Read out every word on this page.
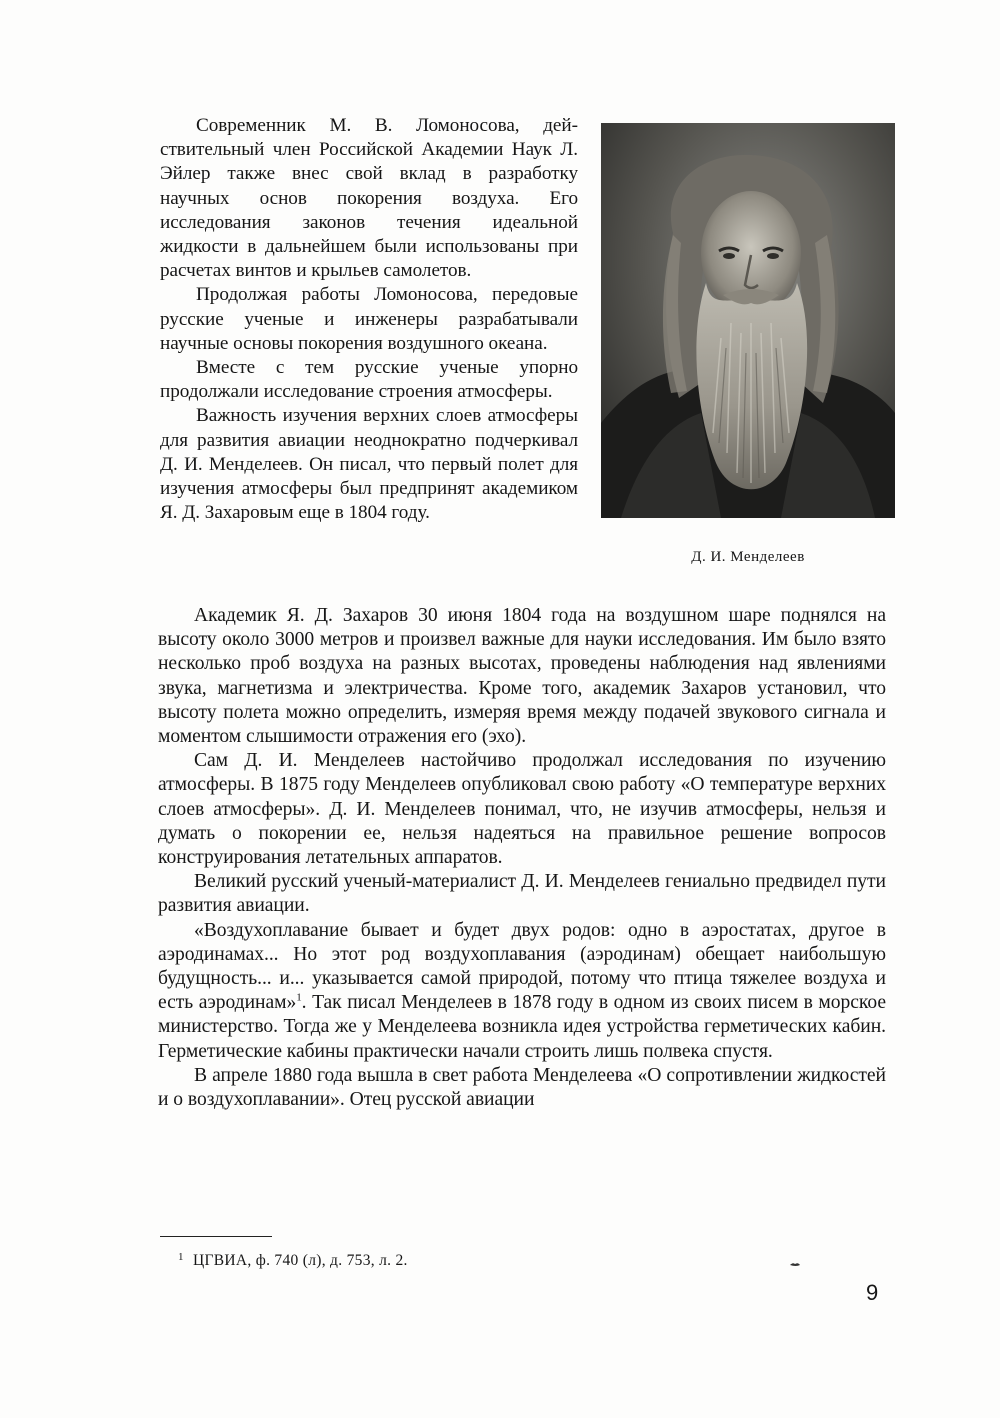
Современник М. В. Ломоносова, действительный член Российской Академии Наук Л. Эйлер также внес свой вклад в разработку научных основ покорения воздуха. Его исследования законов течения идеальной жидкости в дальнейшем были использованы при расчетах винтов и крыльев самолетов.

Продолжая работы Ломоносова, передовые русские ученые и инженеры разрабатывали научные основы покорения воздушного океана.

Вместе с тем русские ученые упорно продолжали исследование строения атмосферы.

Важность изучения верхних слоев атмосферы для развития авиации неоднократно подчеркивал Д. И. Менделеев. Он писал, что первый полет для изучения атмосферы был предпринят академиком Я. Д. Захаровым еще в 1804 году.

Д. И. Менделеев

Академик Я. Д. Захаров 30 июня 1804 года на воздушном шаре поднялся на высоту около 3000 метров и произвел важные для науки исследования. Им было взято несколько проб воздуха на разных высотах, проведены наблюдения над явлениями звука, магнетизма и электричества. Кроме того, академик Захаров установил, что высоту полета можно определить, измеряя время между подачей звукового сигнала и моментом слышимости отражения его (эхо).

Сам Д. И. Менделеев настойчиво продолжал исследования по изучению атмосферы. В 1875 году Менделеев опубликовал свою работу «О температуре верхних слоев атмосферы». Д. И. Менделеев понимал, что, не изучив атмосферы, нельзя и думать о покорении ее, нельзя надеяться на правильное решение вопросов конструирования летательных аппаратов.

Великий русский ученый-материалист Д. И. Менделеев гениально предвидел пути развития авиации.

«Воздухоплавание бывает и будет двух родов: одно в аэростатах, другое в аэродинамах... Но этот род воздухоплавания (аэродинам) обещает наибольшую будущность... и... указывается самой природой, потому что птица тяжелее воздуха и есть аэродинам»$^1$. Так писал Менделеев в 1878 году в одном из своих писем в морское министерство. Тогда же у Менделеева возникла идея устройства герметических кабин. Герметические кабины практически начали строить лишь полвека спустя.

В апреле 1880 года вышла в свет работа Менделеева «О сопротивлении жидкостей и о воздухоплавании». Отец русской авиации

1 ЦГВИА, ф. 740 (л), д. 753, л. 2.
9
